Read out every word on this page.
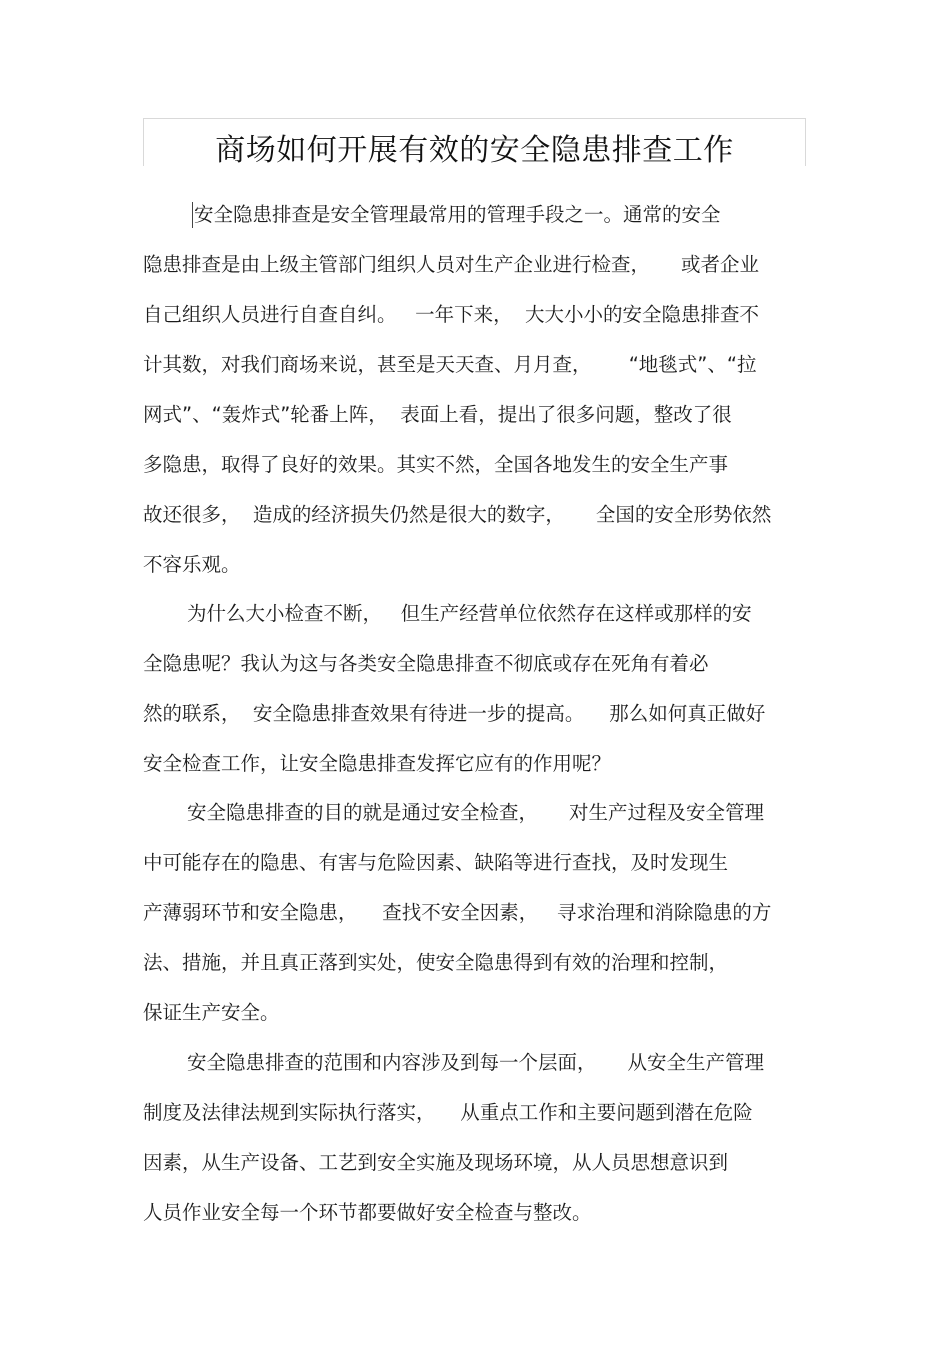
商场如何开展有效的安全隐患排查工作
安全隐患排查是安全管理最常用的管理手段之一。通常的安全
隐患排查是由上级主管部门组织人员对生产企业进行检查，     或者企业
自己组织人员进行自查自纠。   一年下来，  大大小小的安全隐患排查不
计其数，对我们商场来说，甚至是天天查、月月查，      “地毯式”、“拉
网式”、“轰炸式”轮番上阵，  表面上看，提出了很多问题，整改了很
多隐患，取得了良好的效果。其实不然，全国各地发生的安全生产事
故还很多，  造成的经济损失仍然是很大的数字，     全国的安全形势依然
不容乐观。
为什么大小检查不断，   但生产经营单位依然存在这样或那样的安
全隐患呢？我认为这与各类安全隐患排查不彻底或存在死角有着必
然的联系，  安全隐患排查效果有待进一步的提高。    那么如何真正做好
安全检查工作，让安全隐患排查发挥它应有的作用呢？
安全隐患排查的目的就是通过安全检查，     对生产过程及安全管理
中可能存在的隐患、有害与危险因素、缺陷等进行查找，及时发现生
产薄弱环节和安全隐患，    查找不安全因素，   寻求治理和消除隐患的方
法、措施，并且真正落到实处，使安全隐患得到有效的治理和控制，
保证生产安全。
安全隐患排查的范围和内容涉及到每一个层面，     从安全生产管理
制度及法律法规到实际执行落实，    从重点工作和主要问题到潜在危险
因素，从生产设备、工艺到安全实施及现场环境，从人员思想意识到
人员作业安全每一个环节都要做好安全检查与整改。
